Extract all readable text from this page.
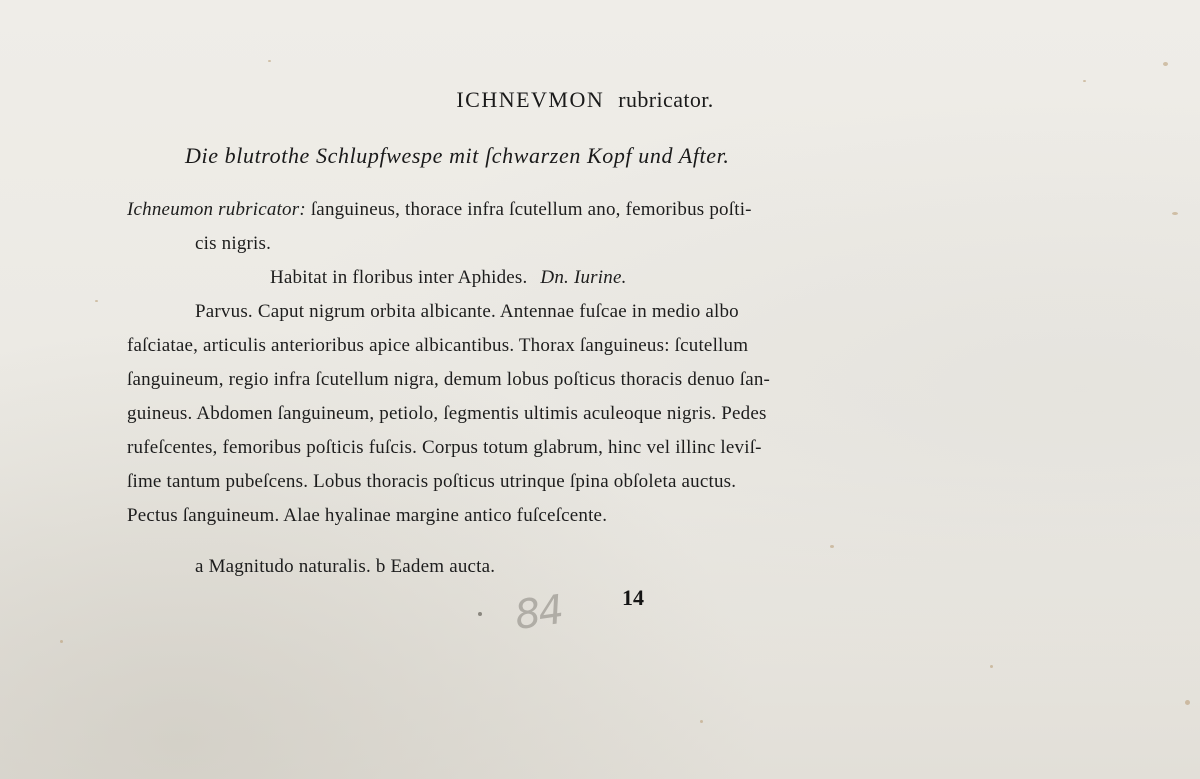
ICHNEVMON rubricator.
Die blutrothe Schlupfwespe mit ſchwarzen Kopf und After.
Ichneumon rubricator: ſanguineus, thorace infra ſcutellum ano, femoribus poſti-
cis nigris.
Habitat in floribus inter Aphides. Dn. Iurine.
Parvus. Caput nigrum orbita albicante. Antennae fuſcae in medio albo
faſciatae, articulis anterioribus apice albicantibus. Thorax ſanguineus: ſcutellum
ſanguineum, regio infra ſcutellum nigra, demum lobus poſticus thoracis denuo ſan-
guineus. Abdomen ſanguineum, petiolo, ſegmentis ultimis aculeoque nigris. Pedes
rufeſcentes, femoribus poſticis fuſcis. Corpus totum glabrum, hinc vel illinc leviſ-
ſime tantum pubeſcens. Lobus thoracis poſticus utrinque ſpina obſoleta auctus.
Pectus ſanguineum. Alae hyalinae margine antico fuſceſcente.
a Magnitudo naturalis. b Eadem aucta.
84	14
